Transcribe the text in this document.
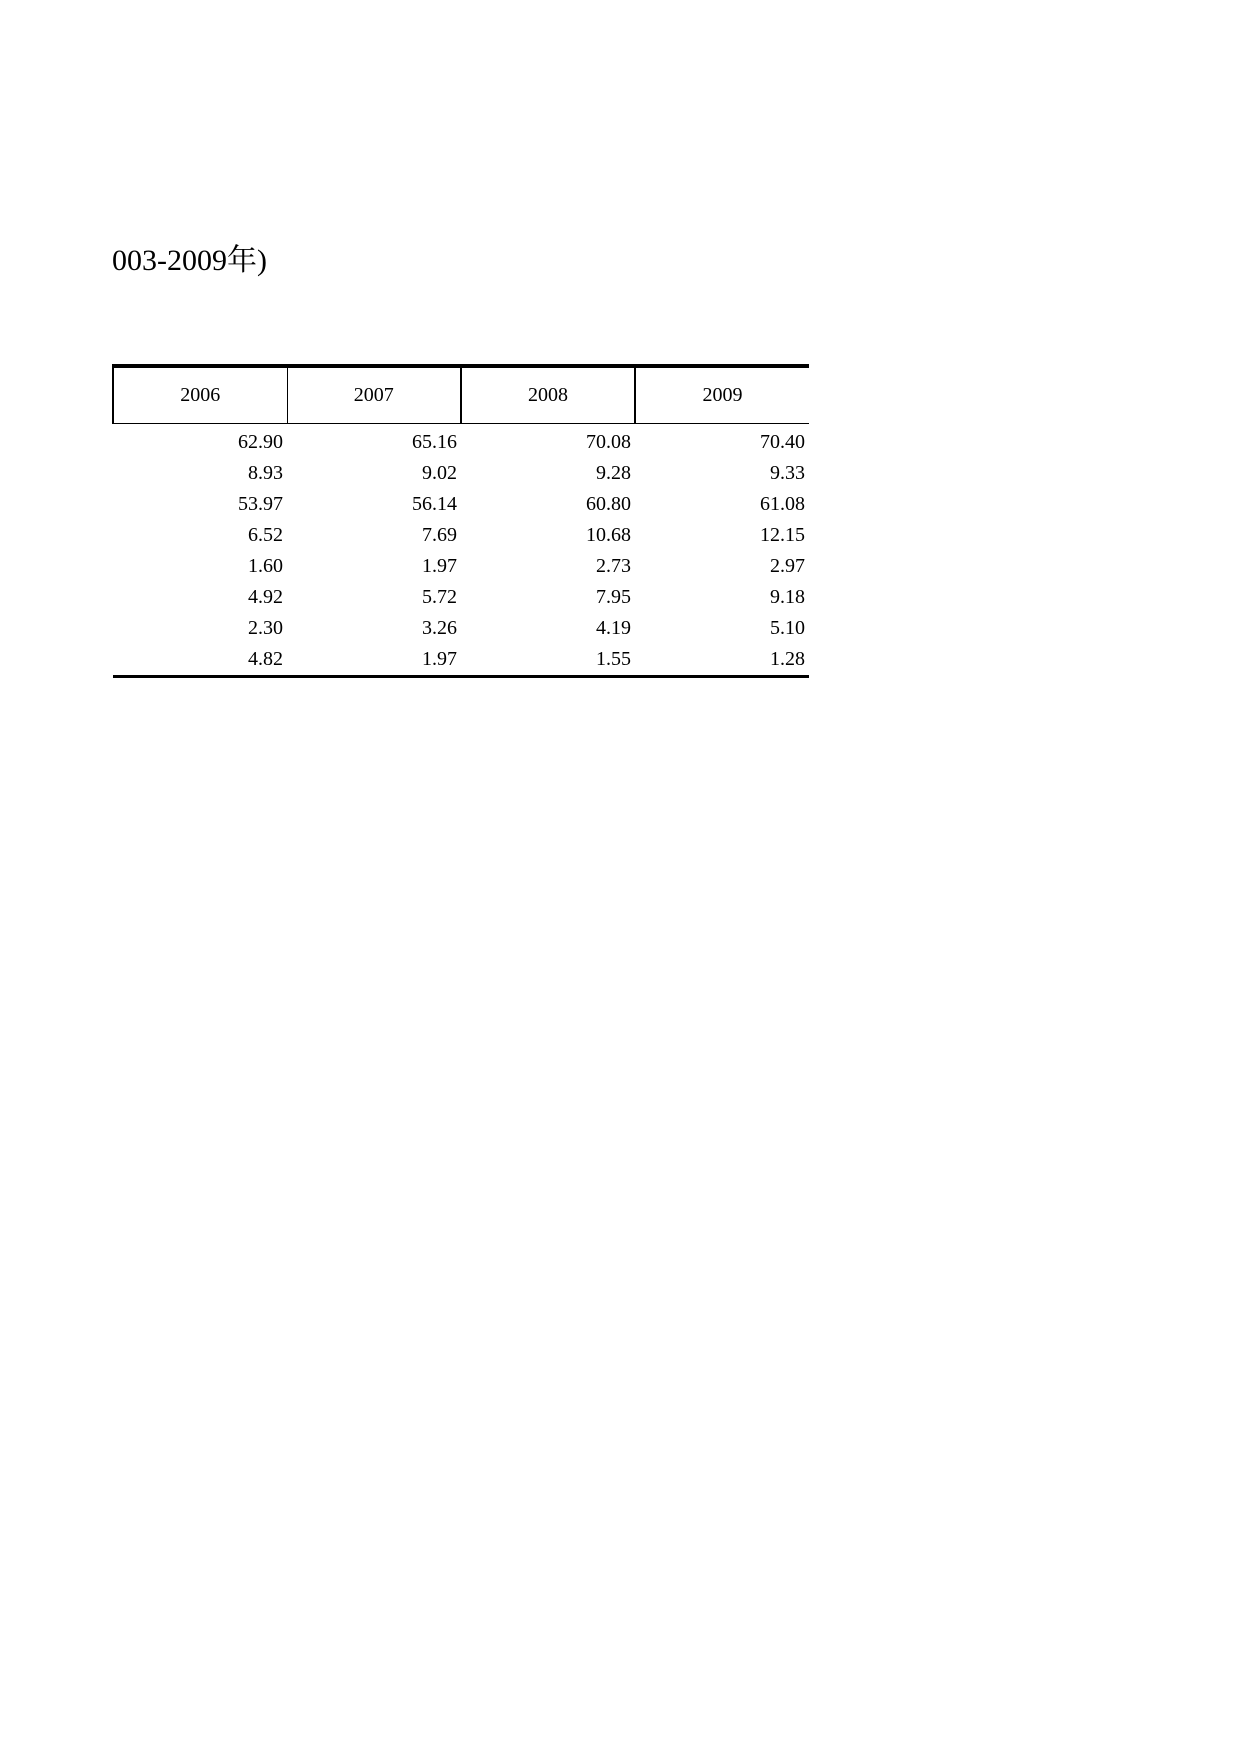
003-2009年)
2006	2007	2008	2009
62.90	65.16	70.08	70.40
8.93	9.02	9.28	9.33
53.97	56.14	60.80	61.08
6.52	7.69	10.68	12.15
1.60	1.97	2.73	2.97
4.92	5.72	7.95	9.18
2.30	3.26	4.19	5.10
4.82	1.97	1.55	1.28
